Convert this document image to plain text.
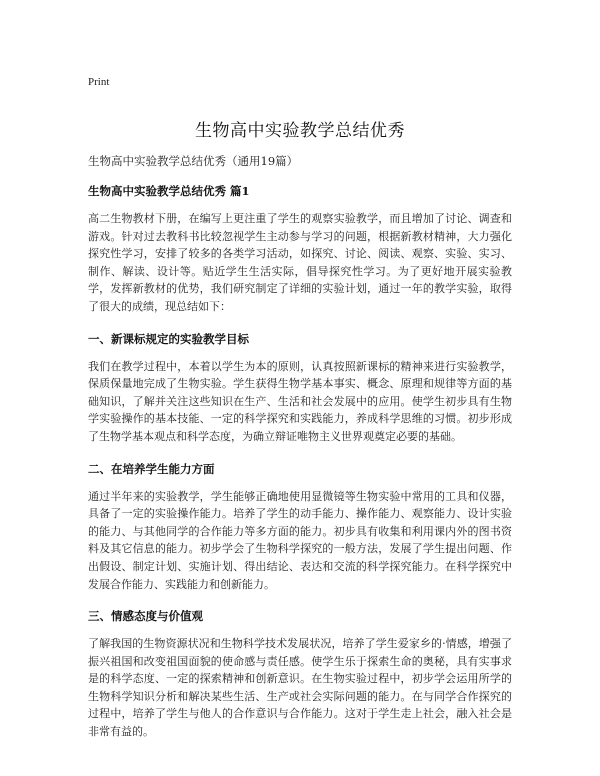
Print
生物高中实验教学总结优秀

生物高中实验教学总结优秀（通用19篇）

生物高中实验教学总结优秀 篇1

高二生物教材下册，在编写上更注重了学生的观察实验教学，而且增加了讨论、调查和游戏。针对过去教科书比较忽视学生主动参与学习的问题，根据新教材精神，大力强化探究性学习，安排了较多的各类学习活动，如探究、讨论、阅读、观察、实验、实习、制作、解读、设计等。贴近学生生活实际，倡导探究性学习。为了更好地开展实验教学，发挥新教材的优势，我们研究制定了详细的实验计划，通过一年的教学实验，取得了很大的成绩，现总结如下：

一、新课标规定的实验教学目标

我们在教学过程中，本着以学生为本的原则，认真按照新课标的精神来进行实验教学，保质保量地完成了生物实验。学生获得生物学基本事实、概念、原理和规律等方面的基础知识，了解并关注这些知识在生产、生活和社会发展中的应用。使学生初步具有生物学实验操作的基本技能、一定的科学探究和实践能力，养成科学思维的习惯。初步形成了生物学基本观点和科学态度，为确立辩证唯物主义世界观奠定必要的基础。

二、在培养学生能力方面

通过半年来的实验教学，学生能够正确地使用显微镜等生物实验中常用的工具和仪器，具备了一定的实验操作能力。培养了学生的动手能力、操作能力、观察能力、设计实验的能力、与其他同学的合作能力等多方面的能力。初步具有收集和利用课内外的图书资料及其它信息的能力。初步学会了生物科学探究的一般方法，发展了学生提出问题、作出假设、制定计划、实施计划、得出结论、表达和交流的科学探究能力。在科学探究中发展合作能力、实践能力和创新能力。

三、情感态度与价值观

了解我国的生物资源状况和生物科学技术发展状况，培养了学生爱家乡的·情感，增强了振兴祖国和改变祖国面貌的使命感与责任感。使学生乐于探索生命的奥秘，具有实事求是的科学态度、一定的探索精神和创新意识。在生物实验过程中，初步学会运用所学的生物科学知识分析和解决某些生活、生产或社会实际问题的能力。在与同学合作探究的过程中，培养了学生与他人的合作意识与合作能力。这对于学生走上社会，融入社会是非常有益的。
